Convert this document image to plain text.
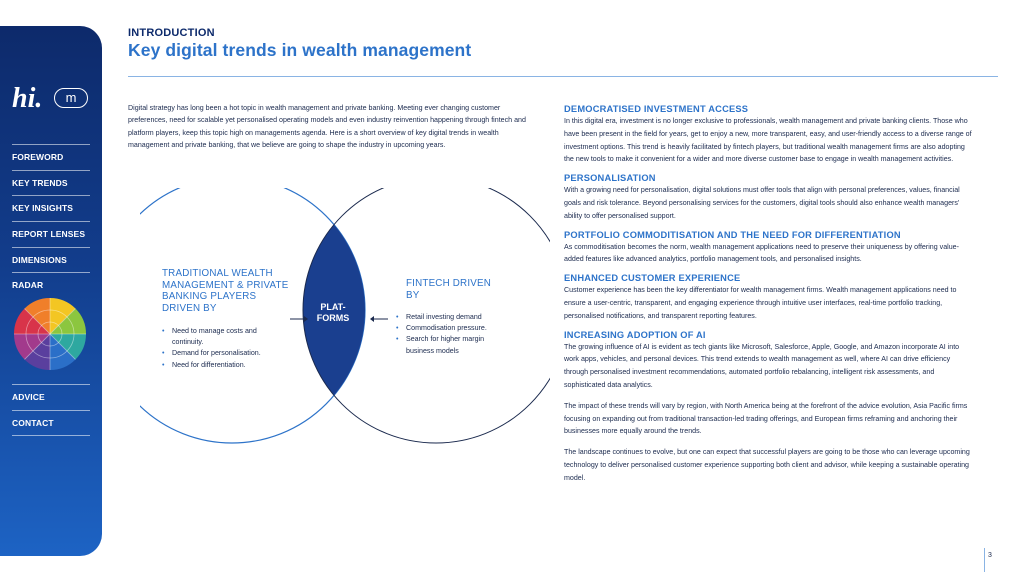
hi.	m
FOREWORD
KEY TRENDS
KEY INSIGHTS
REPORT LENSES
DIMENSIONS
RADAR
ADVICE
CONTACT
INTRODUCTION
Key digital trends in wealth management

Digital strategy has long been a hot topic in wealth management and private banking. Meeting ever changing customer preferences, need for scalable yet personalised operating models and even industry reinvention happening through fintech and platform players, keep this topic high on managements agenda. Here is a short overview of key digital trends in wealth management and private banking, that we believe are going to shape the industry in upcoming years.

TRADITIONAL WEALTH MANAGEMENT & PRIVATE BANKING PLAYERS DRIVEN BY
• Need to manage costs and continuity.
• Demand for personalisation.
• Need for differentiation.
PLAT-
FORMS
FINTECH DRIVEN BY
• Retail investing demand
• Commodisation pressure.
• Search for higher margin business models
DEMOCRATISED INVESTMENT ACCESS

In this digital era, investment is no longer exclusive to professionals, wealth management and private banking clients. Those who have been present in the field for years, get to enjoy a new, more transparent, easy, and user-friendly access to a diverse range of investment options. This trend is heavily facilitated by fintech players, but traditional wealth management firms are also adopting the new tools to make it convenient for a wider and more diverse customer base to engage in wealth management activities.

PERSONALISATION

With a growing need for personalisation, digital solutions must offer tools that align with personal preferences, values, financial goals and risk tolerance. Beyond personalising services for the customers, digital tools should also enhance wealth managers' ability to offer personalised support.

PORTFOLIO COMMODITISATION AND THE NEED FOR DIFFERENTIATION

As commoditisation becomes the norm, wealth management applications need to preserve their uniqueness by offering value-added features like advanced analytics, portfolio management tools, and personalised insights.

ENHANCED CUSTOMER EXPERIENCE

Customer experience has been the key differentiator for wealth management firms. Wealth management applications need to ensure a user-centric, transparent, and engaging experience through intuitive user interfaces, real-time portfolio tracking, personalised notifications, and transparent reporting features.

INCREASING ADOPTION OF AI

The growing influence of AI is evident as tech giants like Microsoft, Salesforce, Apple, Google, and Amazon incorporate AI into work apps, vehicles, and personal devices. This trend extends to wealth management as well, where AI can drive efficiency through personalised investment recommendations, automated portfolio rebalancing, intelligent risk assessments, and sophisticated data analytics.

The impact of these trends will vary by region, with North America being at the forefront of the advice evolution, Asia Pacific firms focusing on expanding out from traditional transaction-led trading offerings, and European firms reframing and anchoring their businesses more equally around the trends.

The landscape continues to evolve, but one can expect that successful players are going to be those who can leverage upcoming technology to deliver personalised customer experience supporting both client and advisor, while keeping a sustainable operating model.

3
